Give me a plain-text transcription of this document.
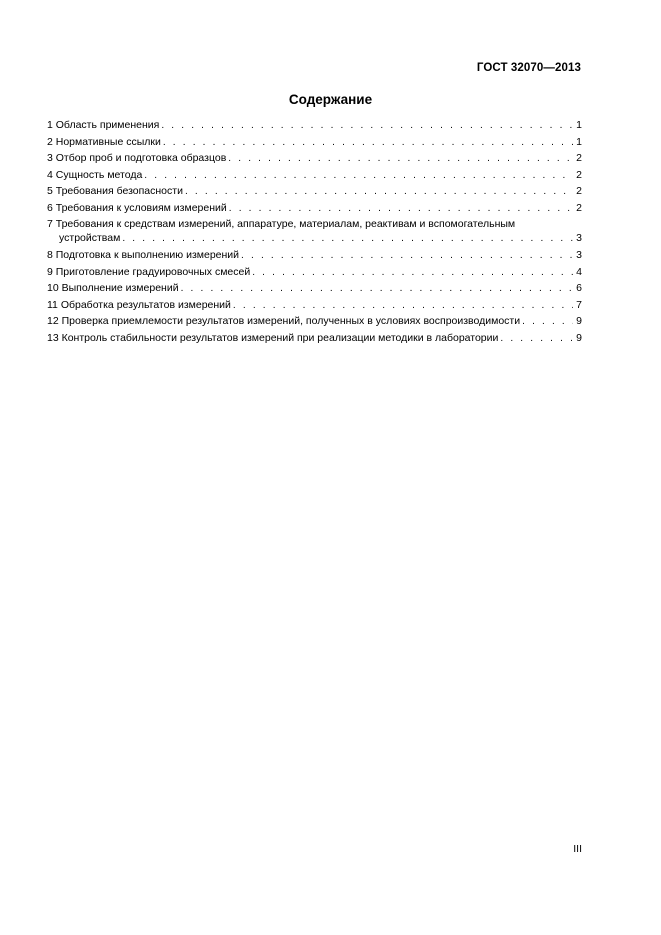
ГОСТ 32070—2013
Содержание
1 Область применения . . .	1
2 Нормативные ссылки . . .	1
3 Отбор проб и подготовка образцов . . .	2
4 Сущность метода . . .	2
5 Требования безопасности . . .	2
6 Требования к условиям измерений . . .	2
7 Требования к средствам измерений, аппаратуре, материалам, реактивам и вспомогательным
устройствам . . .	3
8 Подготовка к выполнению измерений . . .	3
9 Приготовление градуировочных смесей . . .	4
10 Выполнение измерений . . .	6
11 Обработка результатов измерений . . .	7
12 Проверка приемлемости результатов измерений, полученных в условиях воспроизводимости . . .	9
13 Контроль стабильности результатов измерений при реализации методики в лаборатории . . .	9
III
